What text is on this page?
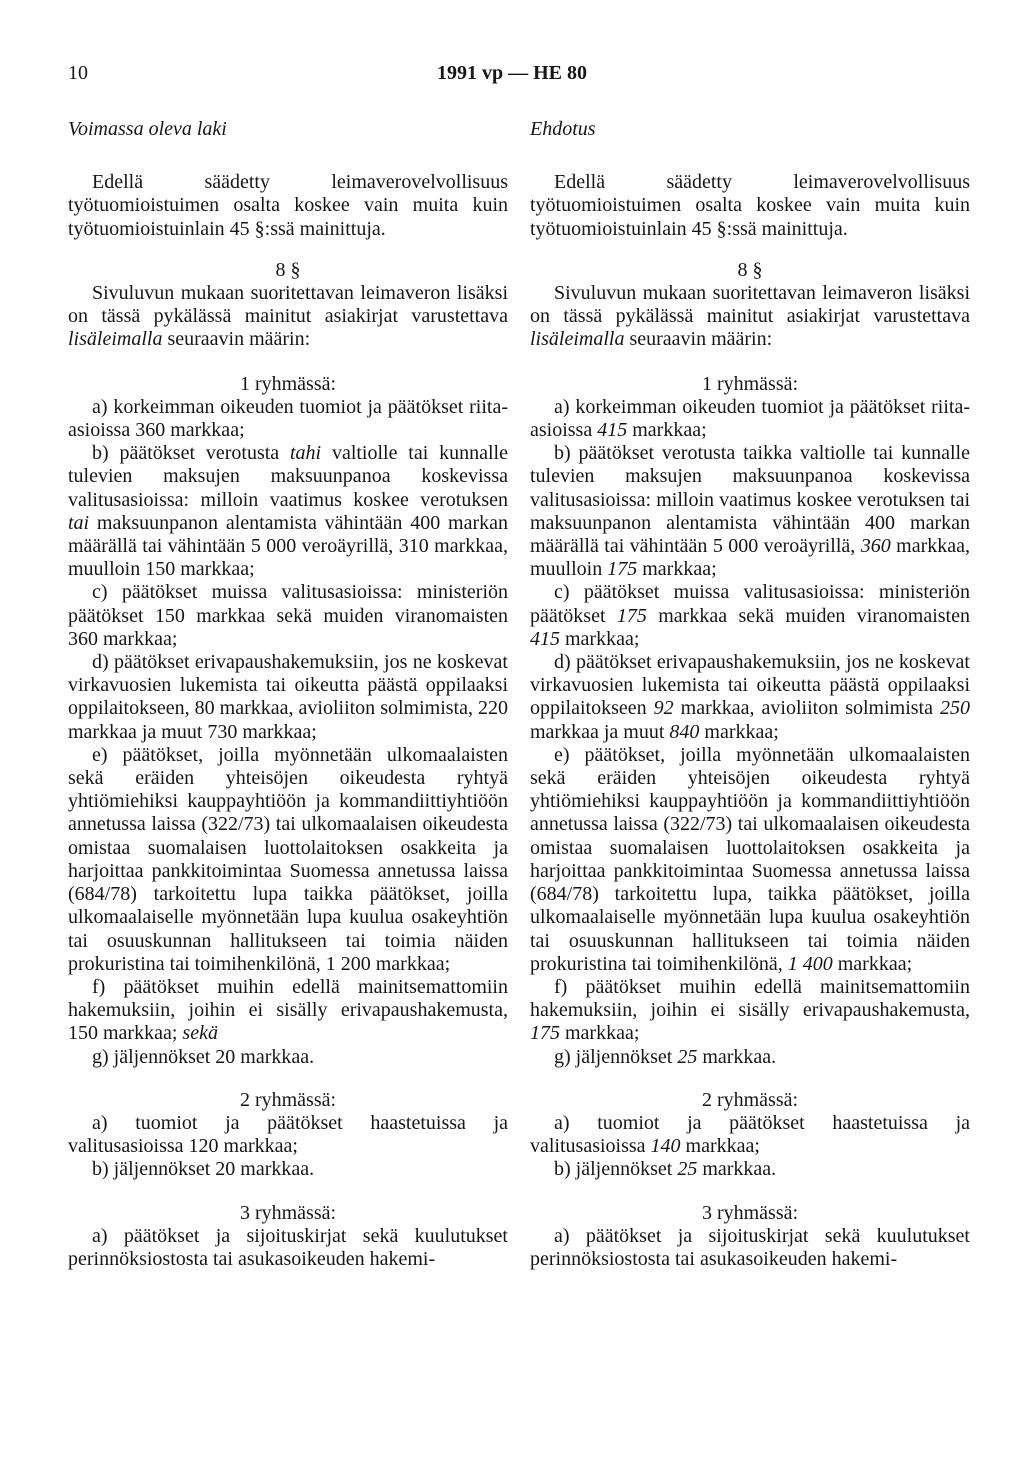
10	1991 vp — HE 80
Voimassa oleva laki

Edellä säädetty leimaverovelvollisuus työtuomioistuimen osalta koskee vain muita kuin työtuomioistuinlain 45 §:ssä mainittuja.

8 §

Sivuluvun mukaan suoritettavan leimaveron lisäksi on tässä pykälässä mainitut asiakirjat varustettava lisäleimalla seuraavin määrin:

1 ryhmässä:

a) korkeimman oikeuden tuomiot ja päätökset riita-asioissa 360 markkaa;

b) päätökset verotusta tahi valtiolle tai kunnalle tulevien maksujen maksuunpanoa koskevissa valitusasioissa: milloin vaatimus koskee verotuksen tai maksuunpanon alentamista vähintään 400 markan määrällä tai vähintään 5 000 veroäyrillä, 310 markkaa, muulloin 150 markkaa;

c) päätökset muissa valitusasioissa: ministeriön päätökset 150 markkaa sekä muiden viranomaisten 360 markkaa;

d) päätökset erivapaushakemuksiin, jos ne koskevat virkavuosien lukemista tai oikeutta päästä oppilaaksi oppilaitokseen, 80 markkaa, avioliiton solmimista, 220 markkaa ja muut 730 markkaa;

e) päätökset, joilla myönnetään ulkomaalaisten sekä eräiden yhteisöjen oikeudesta ryhtyä yhtiömiehiksi kauppayhtiöön ja kommandiittiyhtiöön annetussa laissa (322/73) tai ulkomaalaisen oikeudesta omistaa suomalaisen luottolaitoksen osakkeita ja harjoittaa pankkitoimintaa Suomessa annetussa laissa (684/78) tarkoitettu lupa taikka päätökset, joilla ulkomaalaiselle myönnetään lupa kuulua osakeyhtiön tai osuuskunnan hallitukseen tai toimia näiden prokuristina tai toimihenkilönä, 1 200 markkaa;

f) päätökset muihin edellä mainitsemattomiin hakemuksiin, joihin ei sisälly erivapaushakemusta, 150 markkaa; sekä

g) jäljennökset 20 markkaa.

2 ryhmässä:

a) tuomiot ja päätökset haastetuissa ja valitusasioissa 120 markkaa;

b) jäljennökset 20 markkaa.

3 ryhmässä:

a) päätökset ja sijoituskirjat sekä kuulutukset perinnöksiostosta tai asukasoikeuden hakemi-

Ehdotus

Edellä säädetty leimaverovelvollisuus työtuomioistuimen osalta koskee vain muita kuin työtuomioistuinlain 45 §:ssä mainittuja.

8 §

Sivuluvun mukaan suoritettavan leimaveron lisäksi on tässä pykälässä mainitut asiakirjat varustettava lisäleimalla seuraavin määrin:

1 ryhmässä:

a) korkeimman oikeuden tuomiot ja päätökset riita-asioissa 415 markkaa;

b) päätökset verotusta taikka valtiolle tai kunnalle tulevien maksujen maksuunpanoa koskevissa valitusasioissa: milloin vaatimus koskee verotuksen tai maksuunpanon alentamista vähintään 400 markan määrällä tai vähintään 5 000 veroäyrillä, 360 markkaa, muulloin 175 markkaa;

c) päätökset muissa valitusasioissa: ministeriön päätökset 175 markkaa sekä muiden viranomaisten 415 markkaa;

d) päätökset erivapaushakemuksiin, jos ne koskevat virkavuosien lukemista tai oikeutta päästä oppilaaksi oppilaitokseen 92 markkaa, avioliiton solmimista 250 markkaa ja muut 840 markkaa;

e) päätökset, joilla myönnetään ulkomaalaisten sekä eräiden yhteisöjen oikeudesta ryhtyä yhtiömiehiksi kauppayhtiöön ja kommandiittiyhtiöön annetussa laissa (322/73) tai ulkomaalaisen oikeudesta omistaa suomalaisen luottolaitoksen osakkeita ja harjoittaa pankkitoimintaa Suomessa annetussa laissa (684/78) tarkoitettu lupa, taikka päätökset, joilla ulkomaalaiselle myönnetään lupa kuulua osakeyhtiön tai osuuskunnan hallitukseen tai toimia näiden prokuristina tai toimihenkilönä, 1 400 markkaa;

f) päätökset muihin edellä mainitsemattomiin hakemuksiin, joihin ei sisälly erivapaushakemusta, 175 markkaa;

g) jäljennökset 25 markkaa.

2 ryhmässä:

a) tuomiot ja päätökset haastetuissa ja valitusasioissa 140 markkaa;

b) jäljennökset 25 markkaa.

3 ryhmässä:

a) päätökset ja sijoituskirjat sekä kuulutukset perinnöksiostosta tai asukasoikeuden hakemi-
